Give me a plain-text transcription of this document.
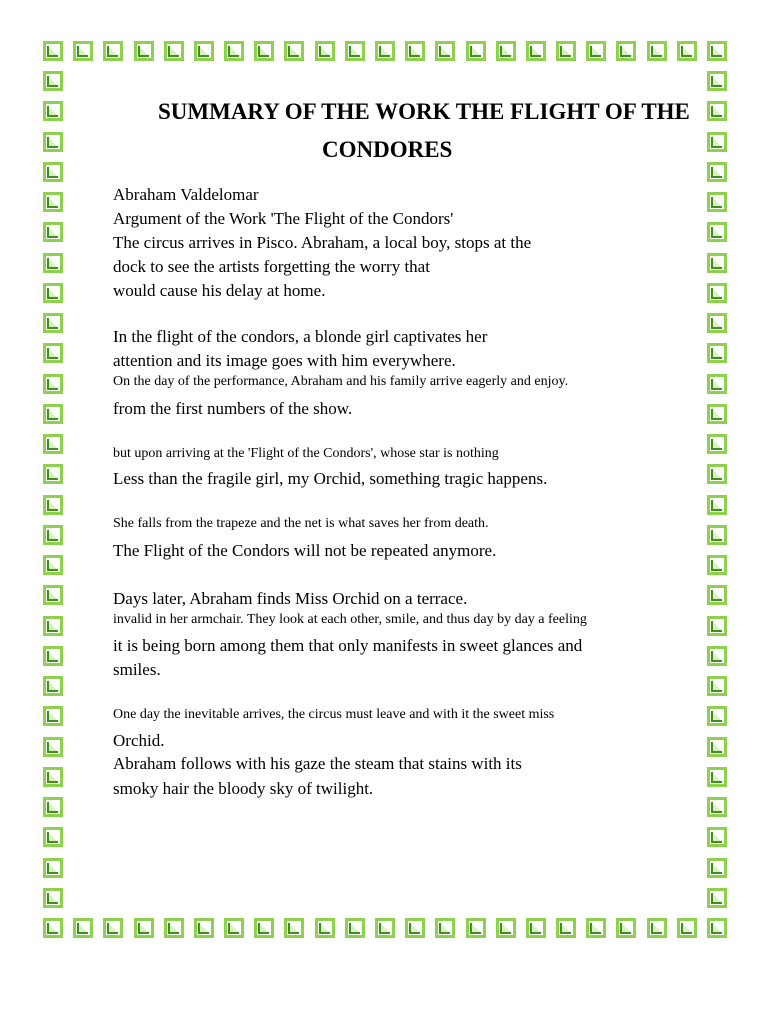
SUMMARY OF THE WORK THE FLIGHT OF THE
CONDORES
Abraham Valdelomar
Argument of the Work 'The Flight of the Condors'
The circus arrives in Pisco. Abraham, a local boy, stops at the
dock to see the artists forgetting the worry that
would cause his delay at home.
In the flight of the condors, a blonde girl captivates her
attention and its image goes with him everywhere.
On the day of the performance, Abraham and his family arrive eagerly and enjoy.
from the first numbers of the show.
but upon arriving at the 'Flight of the Condors', whose star is nothing
Less than the fragile girl, my Orchid, something tragic happens.
She falls from the trapeze and the net is what saves her from death.
The Flight of the Condors will not be repeated anymore.
Days later, Abraham finds Miss Orchid on a terrace.
invalid in her armchair. They look at each other, smile, and thus day by day a feeling
it is being born among them that only manifests in sweet glances and
smiles.
One day the inevitable arrives, the circus must leave and with it the sweet miss
Orchid.
Abraham follows with his gaze the steam that stains with its
smoky hair the bloody sky of twilight.
